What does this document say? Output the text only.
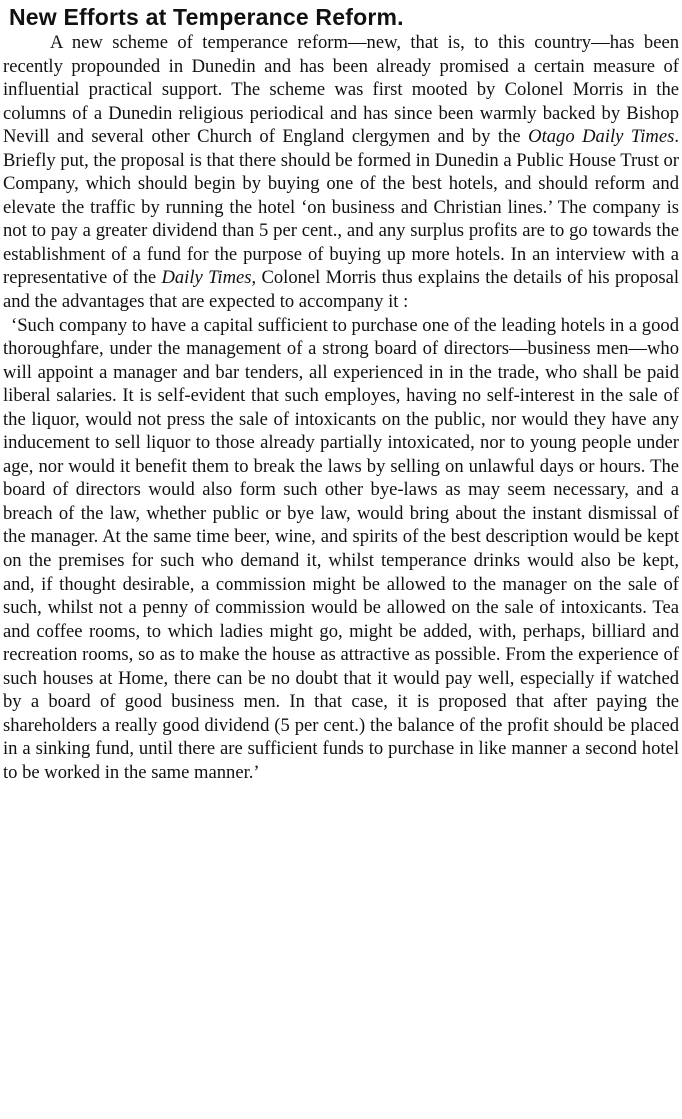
New Efforts at Temperance Reform.

A new scheme of temperance reform—new, that is, to this country—has been recently propounded in Dunedin and has been already promised a certain measure of influential practical support. The scheme was first mooted by Colonel Morris in the columns of a Dunedin religious periodical and has since been warmly backed by Bishop Nevill and several other Church of England clergymen and by the Otago Daily Times. Briefly put, the proposal is that there should be formed in Dunedin a Public House Trust or Company, which should begin by buying one of the best hotels, and should reform and elevate the traffic by running the hotel ‘on business and Christian lines.’ The company is not to pay a greater dividend than 5 per cent., and any surplus profits are to go towards the establishment of a fund for the purpose of buying up more hotels. In an interview with a representative of the Daily Times, Colonel Morris thus explains the details of his proposal and the advantages that are expected to accompany it :

‘Such company to have a capital sufficient to purchase one of the leading hotels in a good thoroughfare, under the management of a strong board of directors—business men—who will appoint a manager and bar tenders, all experienced in in the trade, who shall be paid liberal salaries. It is self-evident that such employes, having no self-interest in the sale of the liquor, would not press the sale of intoxicants on the public, nor would they have any inducement to sell liquor to those already partially intoxicated, nor to young people under age, nor would it benefit them to break the laws by selling on unlawful days or hours. The board of directors would also form such other bye-laws as may seem necessary, and a breach of the law, whether public or bye law, would bring about the instant dismissal of the manager. At the same time beer, wine, and spirits of the best description would be kept on the premises for such who demand it, whilst temperance drinks would also be kept, and, if thought desirable, a commission might be allowed to the manager on the sale of such, whilst not a penny of commission would be allowed on the sale of intoxicants. Tea and coffee rooms, to which ladies might go, might be added, with, perhaps, billiard and recreation rooms, so as to make the house as attractive as possible. From the experience of such houses at Home, there can be no doubt that it would pay well, especially if watched by a board of good business men. In that case, it is proposed that after paying the shareholders a really good dividend (5 per cent.) the balance of the profit should be placed in a sinking fund, until there are sufficient funds to purchase in like manner a second hotel to be worked in the same manner.’
